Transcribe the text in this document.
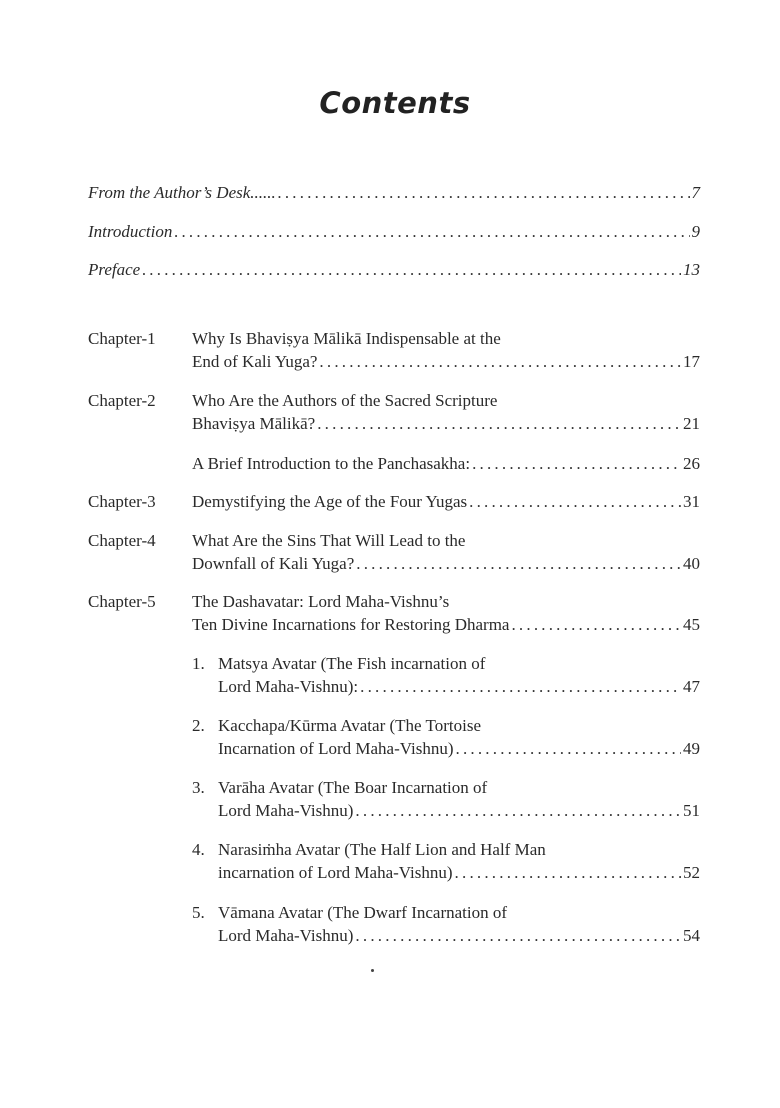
Contents
From the Author’s Desk...... .....	7
Introduction .....	9
Preface .....	13
Chapter-1 Why Is Bhaviṣya Mālikā Indispensable at the
End of Kali Yuga? .....	17
Chapter-2 Who Are the Authors of the Sacred Scripture
Bhaviṣya Mālikā? .....	21
A Brief Introduction to the Panchasakha: .....	26
Chapter-3 Demystifying the Age of the Four Yugas .....	31
Chapter-4 What Are the Sins That Will Lead to the
Downfall of Kali Yuga? .....	40
Chapter-5 The Dashavatar: Lord Maha-Vishnu’s
Ten Divine Incarnations for Restoring Dharma .....	45
1. Matsya Avatar (The Fish incarnation of
Lord Maha-Vishnu): .....	47
2. Kacchapa/Kūrma Avatar (The Tortoise
Incarnation of Lord Maha-Vishnu) .....	49
3. Varāha Avatar (The Boar Incarnation of
Lord Maha-Vishnu) .....	51
4. Narasiṁha Avatar (The Half Lion and Half Man
incarnation of Lord Maha-Vishnu) .....	52
5. Vāmana Avatar (The Dwarf Incarnation of
Lord Maha-Vishnu) .....	54
